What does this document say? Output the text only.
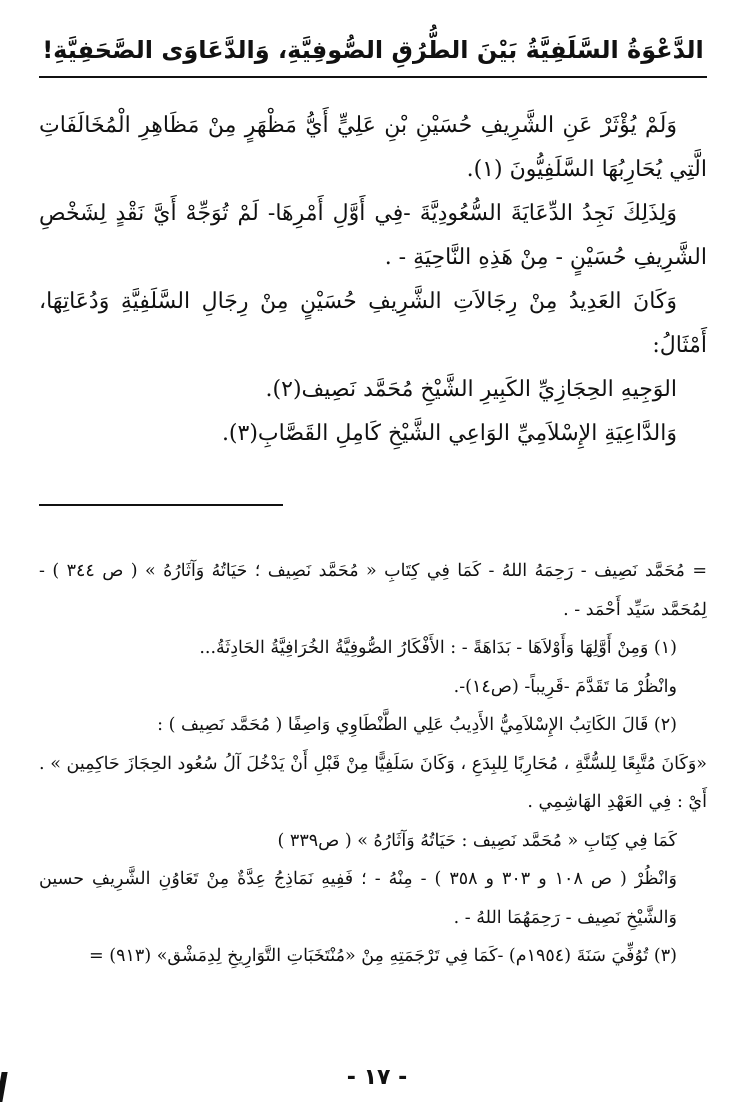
الدَّعْوَةُ السَّلَفِيَّةُ بَيْنَ الطُّرُقِ الصُّوفِيَّةِ، وَالدَّعَاوَى الصَّحَفِيَّةِ!

وَلَمْ يُؤْثَرْ عَنِ الشَّرِيفِ حُسَيْنِ بْنِ عَلِيٍّ أَيُّ مَظْهَرٍ مِنْ مَظَاهِرِ الْمُخَالَفَاتِ الَّتِي يُحَارِبُهَا السَّلَفِيُّونَ (١).

وَلِذَلِكَ نَجِدُ الدِّعَايَةَ السُّعُودِيَّةَ -فِي أَوَّلِ أَمْرِهَا- لَمْ تُوَجِّهْ أَيَّ نَقْدٍ لِشَخْصِ الشَّرِيفِ حُسَيْنٍ - مِنْ هَذِهِ النَّاحِيَةِ - .

وَكَانَ العَدِيدُ مِنْ رِجَالاَتِ الشَّرِيفِ حُسَيْنٍ مِنْ رِجَالِ السَّلَفِيَّةِ وَدُعَاتِهَا، أَمْثَالُ:

الوَجِيهِ الحِجَازِيِّ الكَبِيرِ الشَّيْخِ مُحَمَّد نَصِيف(٢).

وَالدَّاعِيَةِ الإِسْلاَمِيِّ الوَاعِي الشَّيْخِ كَامِلِ القَصَّابِ(٣).

= مُحَمَّد نَصِيف - رَحِمَهُ اللهُ - كَمَا فِي كِتَابِ « مُحَمَّد نَصِيف ؛ حَيَاتُهُ وَآثَارُهُ » ( ص ٣٤٤ ) - لِمُحَمَّد سَيِّد أَحْمَد - .

(١) وَمِنْ أَوَّلِهَا وَأَوْلاَهَا - بَدَاهَةً - : الأَفْكَارُ الصُّوفِيَّةُ الخُرَافِيَّةُ الحَادِثَةُ...

وانْظُرْ مَا تَقَدَّمَ -قَرِيباً- (ص١٤)-.

(٢) قَالَ الكَاتِبُ الإِسْلاَمِيُّ الأَدِيبُ عَلِي الطَّنْطَاوِي وَاصِفًا ( مُحَمَّد نَصِيف ) :

«وَكَانَ مُتَّبِعًا لِلسُّنَّةِ ، مُحَارِبًا لِلبِدَعِ ، وَكَانَ سَلَفِيًّا مِنْ قَبْلِ أَنْ يَدْخُلَ آلُ سُعُود الحِجَازَ حَاكِمِين » . أَيْ : فِي العَهْدِ الهَاشِمِي .

كَمَا فِي كِتَابِ « مُحَمَّد نَصِيف : حَيَاتُهُ وَآثَارُهُ » ( ص٣٣٩ )

وَانْظُرْ ( ص ١٠٨ و ٣٠٣ و ٣٥٨ ) - مِنْهُ - ؛ فَفِيهِ نَمَاذِجُ عِدَّةٌ مِنْ تَعَاوُنِ الشَّرِيفِ حسين وَالشَّيْخِ نَصِيف - رَحِمَهُمَا اللهُ - .

(٣) تُوُفِّيَ سَنَةَ (١٩٥٤م) -كَمَا فِي تَرْجَمَتِهِ مِنْ «مُنْتَخَبَاتِ التَّوَارِيخِ لِدِمَشْق» (٩١٣) =

- ١٧ -
